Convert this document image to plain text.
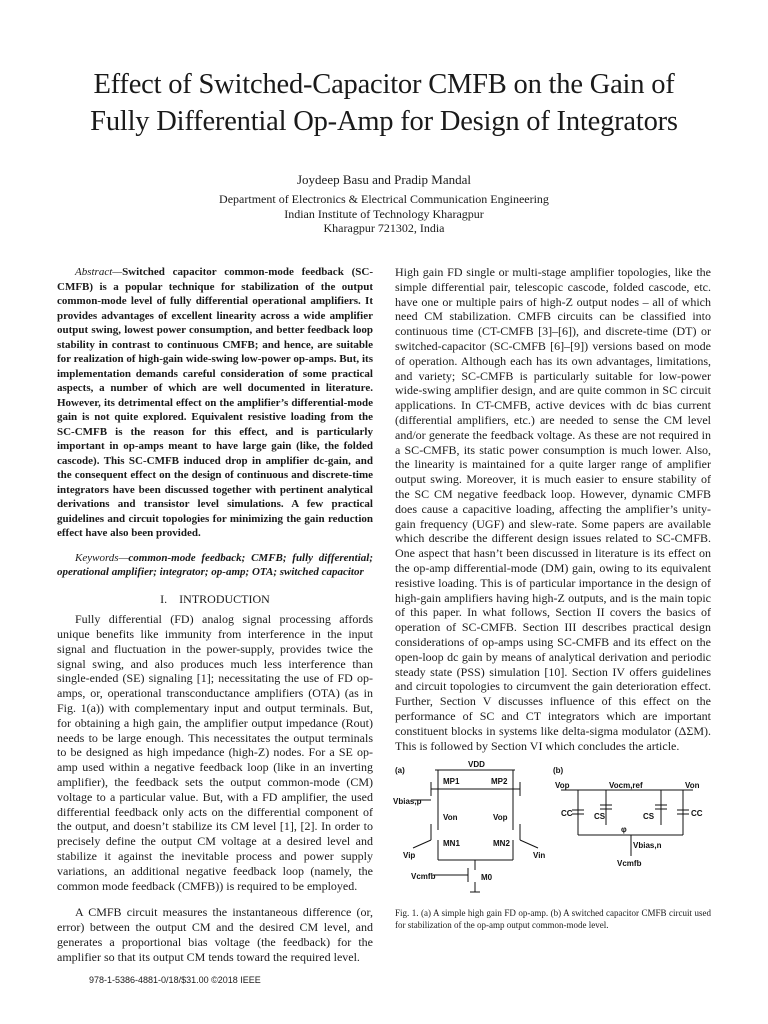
Effect of Switched-Capacitor CMFB on the Gain of
Fully Differential Op-Amp for Design of Integrators
Joydeep Basu and Pradip Mandal
Department of Electronics & Electrical Communication Engineering
Indian Institute of Technology Kharagpur
Kharagpur 721302, India

Abstract—Switched capacitor common-mode feedback (SC-CMFB) is a popular technique for stabilization of the output common-mode level of fully differential operational amplifiers. It provides advantages of excellent linearity across a wide amplifier output swing, lowest power consumption, and better feedback loop stability in contrast to continuous CMFB; and hence, are suitable for realization of high-gain wide-swing low-power op-amps. But, its implementation demands careful consideration of some practical aspects, a number of which are well documented in literature. However, its detrimental effect on the amplifier’s differential-mode gain is not quite explored. Equivalent resistive loading from the SC-CMFB is the reason for this effect, and is particularly important in op-amps meant to have large gain (like, the folded cascode). This SC-CMFB induced drop in amplifier dc-gain, and the consequent effect on the design of continuous and discrete-time integrators have been discussed together with pertinent analytical derivations and transistor level simulations. A few practical guidelines and circuit topologies for minimizing the gain reduction effect have also been provided.

Keywords—common-mode feedback; CMFB; fully differential; operational amplifier; integrator; op-amp; OTA; switched capacitor

I. INTRODUCTION

Fully differential (FD) analog signal processing affords unique benefits like immunity from interference in the input signal and fluctuation in the power-supply, provides twice the signal swing, and also produces much less interference than single-ended (SE) signaling [1]; necessitating the use of FD op-amps, or, operational transconductance amplifiers (OTA) (as in Fig. 1(a)) with complementary input and output terminals. But, for obtaining a high gain, the amplifier output impedance (Rout) needs to be large enough. This necessitates the output terminals to be designed as high impedance (high-Z) nodes. For a SE op-amp used within a negative feedback loop (like in an inverting amplifier), the feedback sets the output common-mode (CM) voltage to a particular value. But, with a FD amplifier, the used differential feedback only acts on the differential component of the output, and doesn’t stabilize its CM level [1], [2]. In order to precisely define the output CM voltage at a desired level and stabilize it against the inevitable process and power supply variations, an additional negative feedback loop (namely, the common mode feedback (CMFB)) is required to be employed.

A CMFB circuit measures the instantaneous difference (or, error) between the output CM and the desired CM level, and generates a proportional bias voltage (the feedback) for the amplifier so that its output CM tends toward the required level.

High gain FD single or multi-stage amplifier topologies, like the simple differential pair, telescopic cascode, folded cascode, etc. have one or multiple pairs of high-Z output nodes – all of which need CM stabilization. CMFB circuits can be classified into continuous time (CT-CMFB [3]–[6]), and discrete-time (DT) or switched-capacitor (SC-CMFB [6]–[9]) versions based on mode of operation. Although each has its own advantages, limitations, and variety; SC-CMFB is particularly suitable for low-power wide-swing amplifier design, and are quite common in SC circuit applications. In CT-CMFB, active devices with dc bias current (differential amplifiers, etc.) are needed to sense the CM level and/or generate the feedback voltage. As these are not required in a SC-CMFB, its static power consumption is much lower. Also, the linearity is maintained for a quite larger range of amplifier output swing. Moreover, it is much easier to ensure stability of the SC CM negative feedback loop. However, dynamic CMFB does cause a capacitive loading, affecting the amplifier’s unity-gain frequency (UGF) and slew-rate. Some papers are available which describe the different design issues related to SC-CMFB. One aspect that hasn’t been discussed in literature is its effect on the op-amp differential-mode (DM) gain, owing to its equivalent resistive loading. This is of particular importance in the design of high-gain amplifiers having high-Z outputs, and is the main topic of this paper. In what follows, Section II covers the basics of operation of SC-CMFB. Section III describes practical design considerations of op-amps using SC-CMFB and its effect on the open-loop dc gain by means of analytical derivation and periodic steady state (PSS) simulation [10]. Section IV offers guidelines and circuit topologies to circumvent the gain deterioration effect. Further, Section V discusses influence of this effect on the performance of SC and CT integrators which are important constituent blocks in systems like delta-sigma modulator (ΔΣM). This is followed by Section VI which concludes the article.

(a)
VDD
MP1	MP2
Vbias,p
Von	Vop
MN1	MN2
Vip	Vin
Vcmfb	M0
(b)
Vop	Vocm,ref	Von
CC	CS	CS	CC
φ
Vbias,n
Vcmfb
Fig. 1. (a) A simple high gain FD op-amp. (b) A switched capacitor CMFB circuit used for stabilization of the op-amp output common-mode level.
978-1-5386-4881-0/18/$31.00 ©2018 IEEE
